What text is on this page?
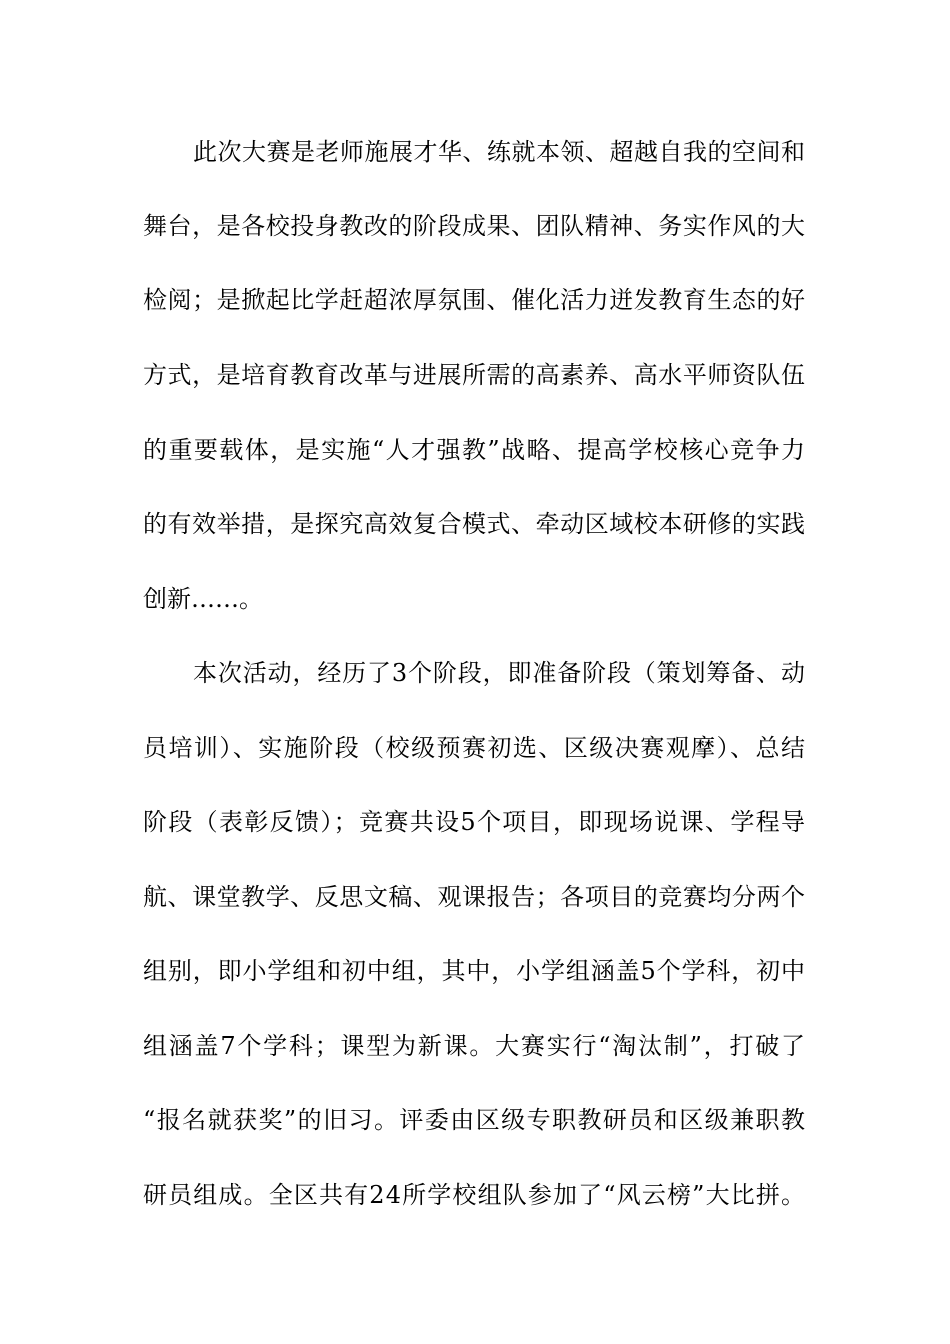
此次大赛是老师施展才华、练就本领、超越自我的空间和
舞台，是各校投身教改的阶段成果、团队精神、务实作风的大
检阅；是掀起比学赶超浓厚氛围、催化活力迸发教育生态的好
方式，是培育教育改革与进展所需的高素养、高水平师资队伍
的重要载体，是实施“人才强教”战略、提高学校核心竞争力
的有效举措，是探究高效复合模式、牵动区域校本研修的实践
创新……。
本次活动，经历了3个阶段，即准备阶段（策划筹备、动
员培训）、实施阶段（校级预赛初选、区级决赛观摩）、总结
阶段（表彰反馈）；竞赛共设5个项目，即现场说课、学程导
航、课堂教学、反思文稿、观课报告；各项目的竞赛均分两个
组别，即小学组和初中组，其中，小学组涵盖5个学科，初中
组涵盖7个学科；课型为新课。大赛实行“淘汰制”，打破了
“报名就获奖”的旧习。评委由区级专职教研员和区级兼职教
研员组成。全区共有24所学校组队参加了“风云榜”大比拼。
